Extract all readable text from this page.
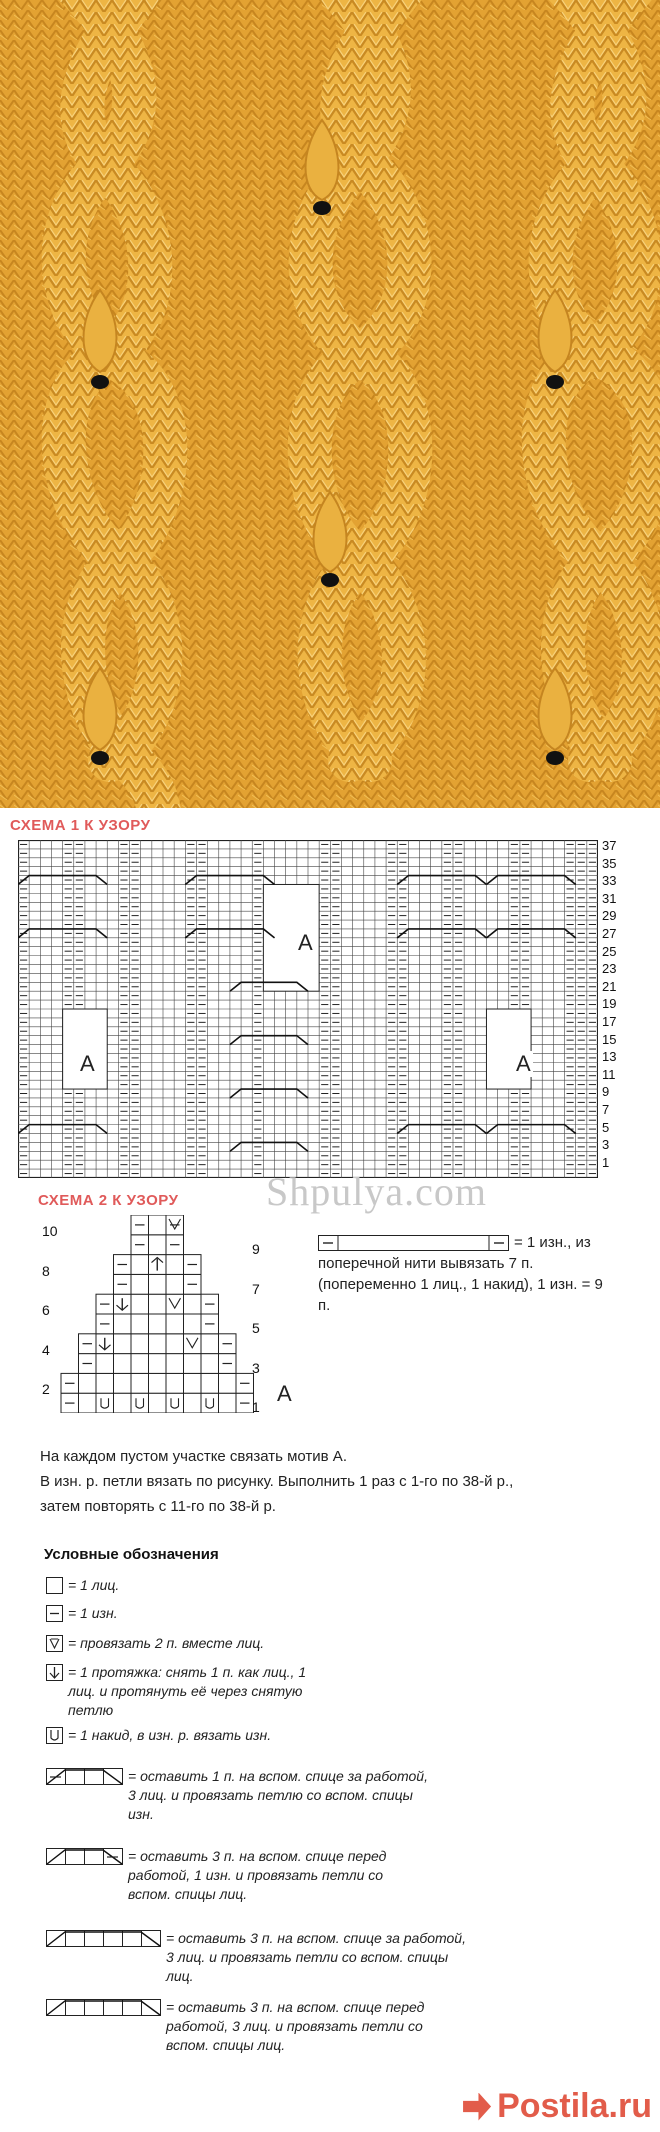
СХЕМА 1 К УЗОРУ
37
35
33
31
29
27
25
23
21
19
17
15
13
11
9
7
5
3
1
A
A	A
Shpulya.com
СХЕМА 2 К УЗОРУ
10
8
6
4
2
9
7
5
3
1
A
= 1 изн., из поперечной нити вывязать 7 п. (попеременно 1 лиц., 1 накид), 1 изн. = 9 п.
На каждом пустом участке связать мотив А.
В изн. р. петли вязать по рисунку. Выполнить 1 раз с 1-го по 38-й р.,
затем повторять с 11-го по 38-й р.
Условные обозначения
= 1 лиц.
= 1 изн.
= провязать 2 п. вместе лиц.
= 1 протяжка: снять 1 п. как лиц., 1 лиц. и протянуть её через снятую петлю
= 1 накид, в изн. р. вязать изн.
= оставить 1 п. на вспом. спице за работой, 3 лиц. и провязать петлю со вспом. спицы изн.
= оставить 3 п. на вспом. спице перед работой, 1 изн. и провязать петли со вспом. спицы лиц.
= оставить 3 п. на вспом. спице за работой, 3 лиц. и провязать петли со вспом. спицы лиц.
= оставить 3 п. на вспом. спице перед работой, 3 лиц. и провязать петли со вспом. спицы лиц.
Postila.ru
